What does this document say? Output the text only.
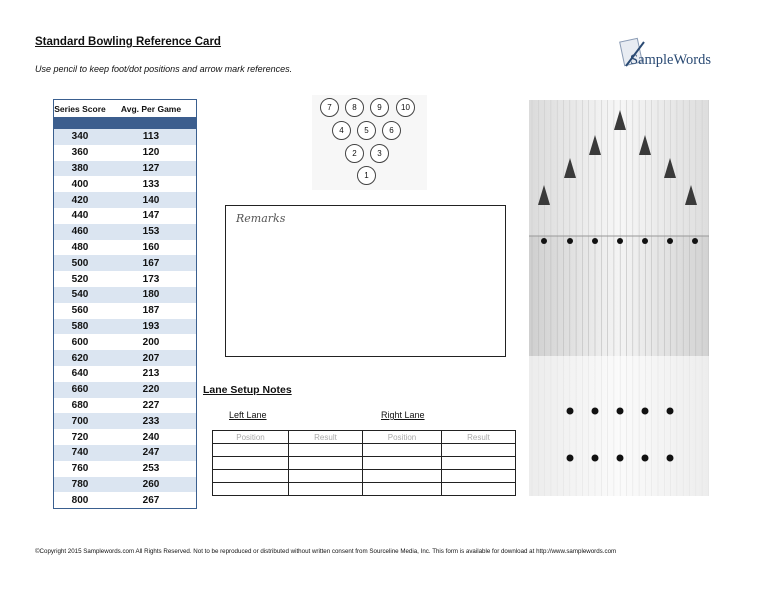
Standard Bowling Reference Card
Use pencil to keep foot/dot positions and arrow mark references.
SampleWords
Series Score	Avg. Per Game
340	113
360	120
380	127
400	133
420	140
440	147
460	153
480	160
500	167
520	173
540	180
560	187
580	193
600	200
620	207
640	213
660	220
680	227
700	233
720	240
740	247
760	253
780	260
800	267
7	8	9	10
4	5	6
2	3
1
Remarks
Lane Setup Notes
Left Lane	Right Lane
Position	Result	Position	Result

©Copyright 2015 Samplewords.com All Rights Reserved. Not to be reproduced or distributed without written consent from Sourceline Media, Inc. This form is available for download at http://www.samplewords.com
